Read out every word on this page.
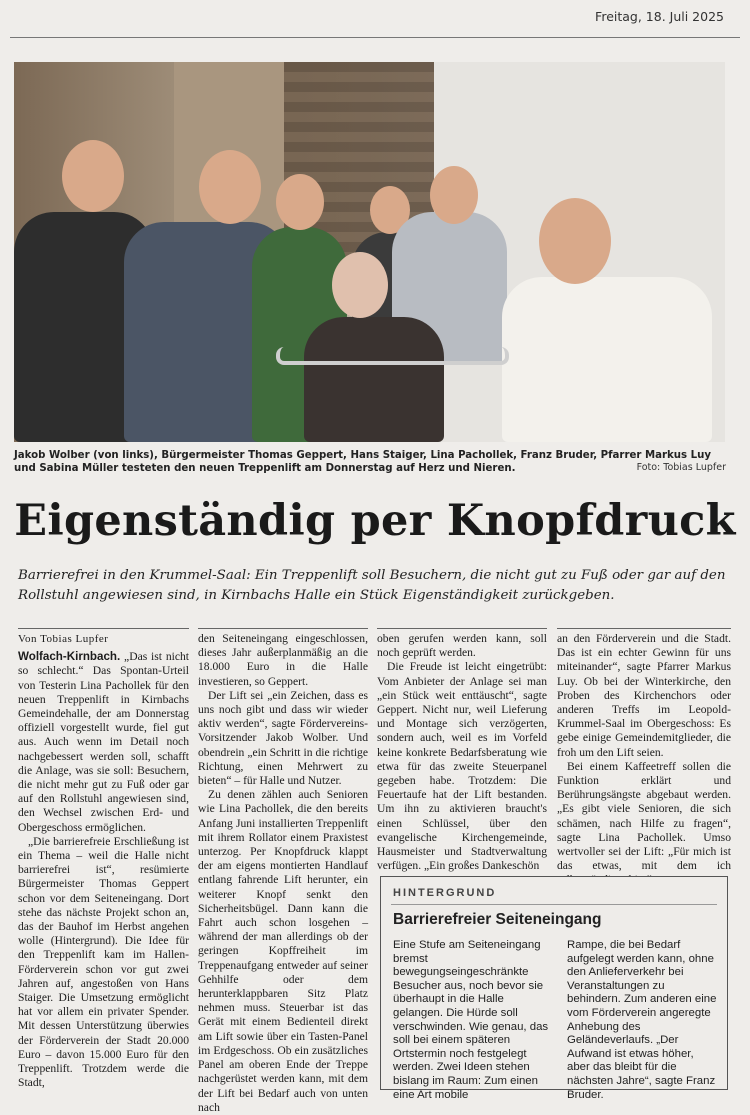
Freitag, 18. Juli 2025
Jakob Wolber (von links), Bürgermeister Thomas Geppert, Hans Staiger, Lina Pachollek, Franz Bruder, Pfarrer Markus Luy und Sabina Müller testeten den neuen Treppenlift am Donnerstag auf Herz und Nieren.	Foto: Tobias Lupfer
Eigenständig per Knopfdruck
Barrierefrei in den Krummel-Saal: Ein Treppenlift soll Besuchern, die nicht gut zu Fuß oder gar auf den Rollstuhl angewiesen sind, in Kirnbachs Halle ein Stück Eigenständigkeit zurückgeben.
Von Tobias Lupfer

Wolfach-Kirnbach. „Das ist nicht so schlecht.“ Das Spontan-Urteil von Testerin Lina Pachollek für den neuen Treppenlift in Kirnbachs Gemeindehalle, der am Donnerstag offiziell vorgestellt wurde, fiel gut aus. Auch wenn im Detail noch nachgebessert werden soll, schafft die Anlage, was sie soll: Besuchern, die nicht mehr gut zu Fuß oder gar auf den Rollstuhl angewiesen sind, den Wechsel zwischen Erd- und Obergeschoss ermöglichen.

„Die barrierefreie Erschließung ist ein Thema – weil die Halle nicht barrierefrei ist“, resümierte Bürgermeister Thomas Geppert schon vor dem Seiteneingang. Dort stehe das nächste Projekt schon an, das der Bauhof im Herbst angehen wolle (Hintergrund). Die Idee für den Treppenlift kam im Hallen-Förderverein schon vor gut zwei Jahren auf, angestoßen von Hans Staiger. Die Umsetzung ermöglicht hat vor allem ein privater Spender. Mit dessen Unterstützung überwies der Förderverein der Stadt 20.000 Euro – davon 15.000 Euro für den Treppenlift. Trotzdem werde die Stadt,

den Seiteneingang eingeschlossen, dieses Jahr außerplanmäßig an die 18.000 Euro in die Halle investieren, so Geppert.

Der Lift sei „ein Zeichen, dass es uns noch gibt und dass wir wieder aktiv werden“, sagte Fördervereins-Vorsitzender Jakob Wolber. Und obendrein „ein Schritt in die richtige Richtung, einen Mehrwert zu bieten“ – für Halle und Nutzer.

Zu denen zählen auch Senioren wie Lina Pachollek, die den bereits Anfang Juni installierten Treppenlift mit ihrem Rollator einem Praxistest unterzog. Per Knopfdruck klappt der am eigens montierten Handlauf entlang fahrende Lift herunter, ein weiterer Knopf senkt den Sicherheitsbügel. Dann kann die Fahrt auch schon losgehen – während der man allerdings ob der geringen Kopffreiheit im Treppenaufgang entweder auf seiner Gehhilfe oder dem herunterklappbaren Sitz Platz nehmen muss. Steuerbar ist das Gerät mit einem Bedienteil direkt am Lift sowie über ein Tasten-Panel im Erdgeschoss. Ob ein zusätzliches Panel am oberen Ende der Treppe nachgerüstet werden kann, mit dem der Lift bei Bedarf auch von unten nach

oben gerufen werden kann, soll noch geprüft werden.

Die Freude ist leicht eingetrübt: Vom Anbieter der Anlage sei man „ein Stück weit enttäuscht“, sagte Geppert. Nicht nur, weil Lieferung und Montage sich verzögerten, sondern auch, weil es im Vorfeld keine konkrete Bedarfsberatung wie etwa für das zweite Steuerpanel gegeben habe. Trotzdem: Die Feuertaufe hat der Lift bestanden. Um ihn zu aktivieren braucht's einen Schlüssel, über den evangelische Kirchengemeinde, Hausmeister und Stadtverwaltung verfügen. „Ein großes Dankeschön

an den Förderverein und die Stadt. Das ist ein echter Gewinn für uns miteinander“, sagte Pfarrer Markus Luy. Ob bei der Winterkirche, den Proben des Kirchenchors oder anderen Treffs im Leopold-Krummel-Saal im Obergeschoss: Es gebe einige Gemeindemitglieder, die froh um den Lift seien.

Bei einem Kaffeetreff sollen die Funktion erklärt und Berührungsängste abgebaut werden. „Es gibt viele Senioren, die sich schämen, nach Hilfe zu fragen“, sagte Lina Pachollek. Umso wertvoller sei der Lift: „Für mich ist das etwas, mit dem ich

HINTERGRUND
Barrierefreier Seiteneingang
Eine Stufe am Seiteneingang bremst bewegungseingeschränkte Besucher aus, noch bevor sie überhaupt in die Halle gelangen. Die Hürde soll verschwinden. Wie genau, das soll bei einem späteren Ortstermin noch festgelegt werden. Zwei Ideen stehen bislang im Raum: Zum einen eine Art mobile
Rampe, die bei Bedarf aufgelegt werden kann, ohne den Anlieferverkehr bei Veranstaltungen zu behindern. Zum anderen eine vom Förderverein angeregte Anhebung des Geländeverlaufs. „Der Aufwand ist etwas höher, aber das bleibt für die nächsten Jahre“, sagte Franz Bruder.
